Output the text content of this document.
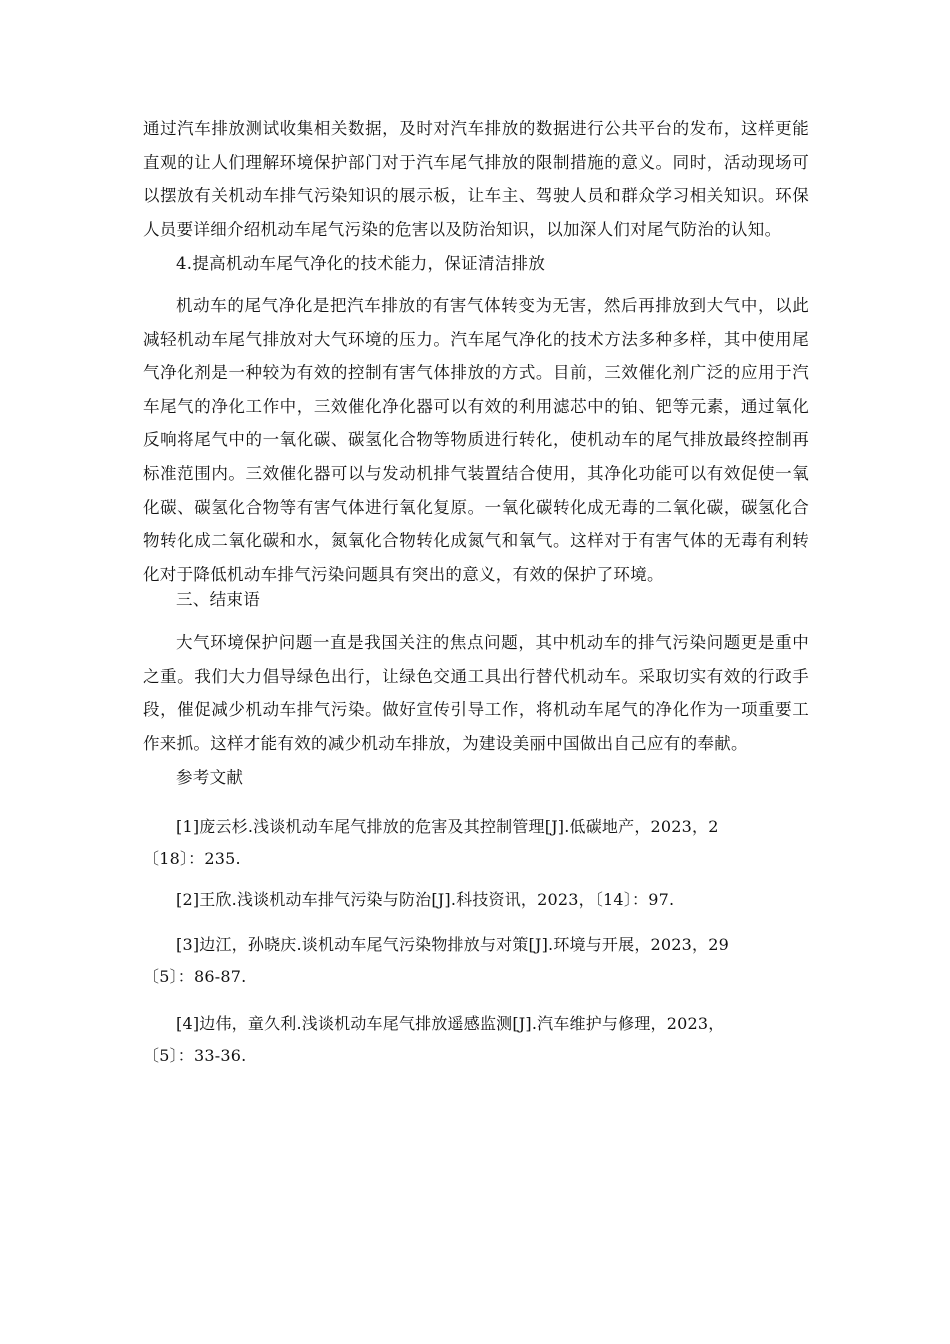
通过汽车排放测试收集相关数据，及时对汽车排放的数据进行公共平台的发布，这样更能直观的让人们理解环境保护部门对于汽车尾气排放的限制措施的意义。同时，活动现场可以摆放有关机动车排气污染知识的展示板，让车主、驾驶人员和群众学习相关知识。环保人员要详细介绍机动车尾气污染的危害以及防治知识，以加深人们对尾气防治的认知。

4.提高机动车尾气净化的技术能力，保证清洁排放

机动车的尾气净化是把汽车排放的有害气体转变为无害，然后再排放到大气中，以此减轻机动车尾气排放对大气环境的压力。汽车尾气净化的技术方法多种多样，其中使用尾气净化剂是一种较为有效的控制有害气体排放的方式。目前，三效催化剂广泛的应用于汽车尾气的净化工作中，三效催化净化器可以有效的利用滤芯中的铂、钯等元素，通过氧化反响将尾气中的一氧化碳、碳氢化合物等物质进行转化，使机动车的尾气排放最终控制再标准范围内。三效催化器可以与发动机排气装置结合使用，其净化功能可以有效促使一氧化碳、碳氢化合物等有害气体进行氧化复原。一氧化碳转化成无毒的二氧化碳，碳氢化合物转化成二氧化碳和水，氮氧化合物转化成氮气和氧气。这样对于有害气体的无毒有利转化对于降低机动车排气污染问题具有突出的意义，有效的保护了环境。

三、结束语

大气环境保护问题一直是我国关注的焦点问题，其中机动车的排气污染问题更是重中之重。我们大力倡导绿色出行，让绿色交通工具出行替代机动车。采取切实有效的行政手段，催促减少机动车排气污染。做好宣传引导工作，将机动车尾气的净化作为一项重要工作来抓。这样才能有效的减少机动车排放，为建设美丽中国做出自己应有的奉献。

参考文献

[1]庞云杉.浅谈机动车尾气排放的危害及其控制管理[J].低碳地产，2023，2
〔18〕：235.
[2]王欣.浅谈机动车排气污染与防治[J].科技资讯，2023，〔14〕：97.
[3]边江，孙晓庆.谈机动车尾气污染物排放与对策[J].环境与开展，2023，29
〔5〕：86-87.
[4]边伟，童久利.浅谈机动车尾气排放遥感监测[J].汽车维护与修理，2023，
〔5〕：33-36.
